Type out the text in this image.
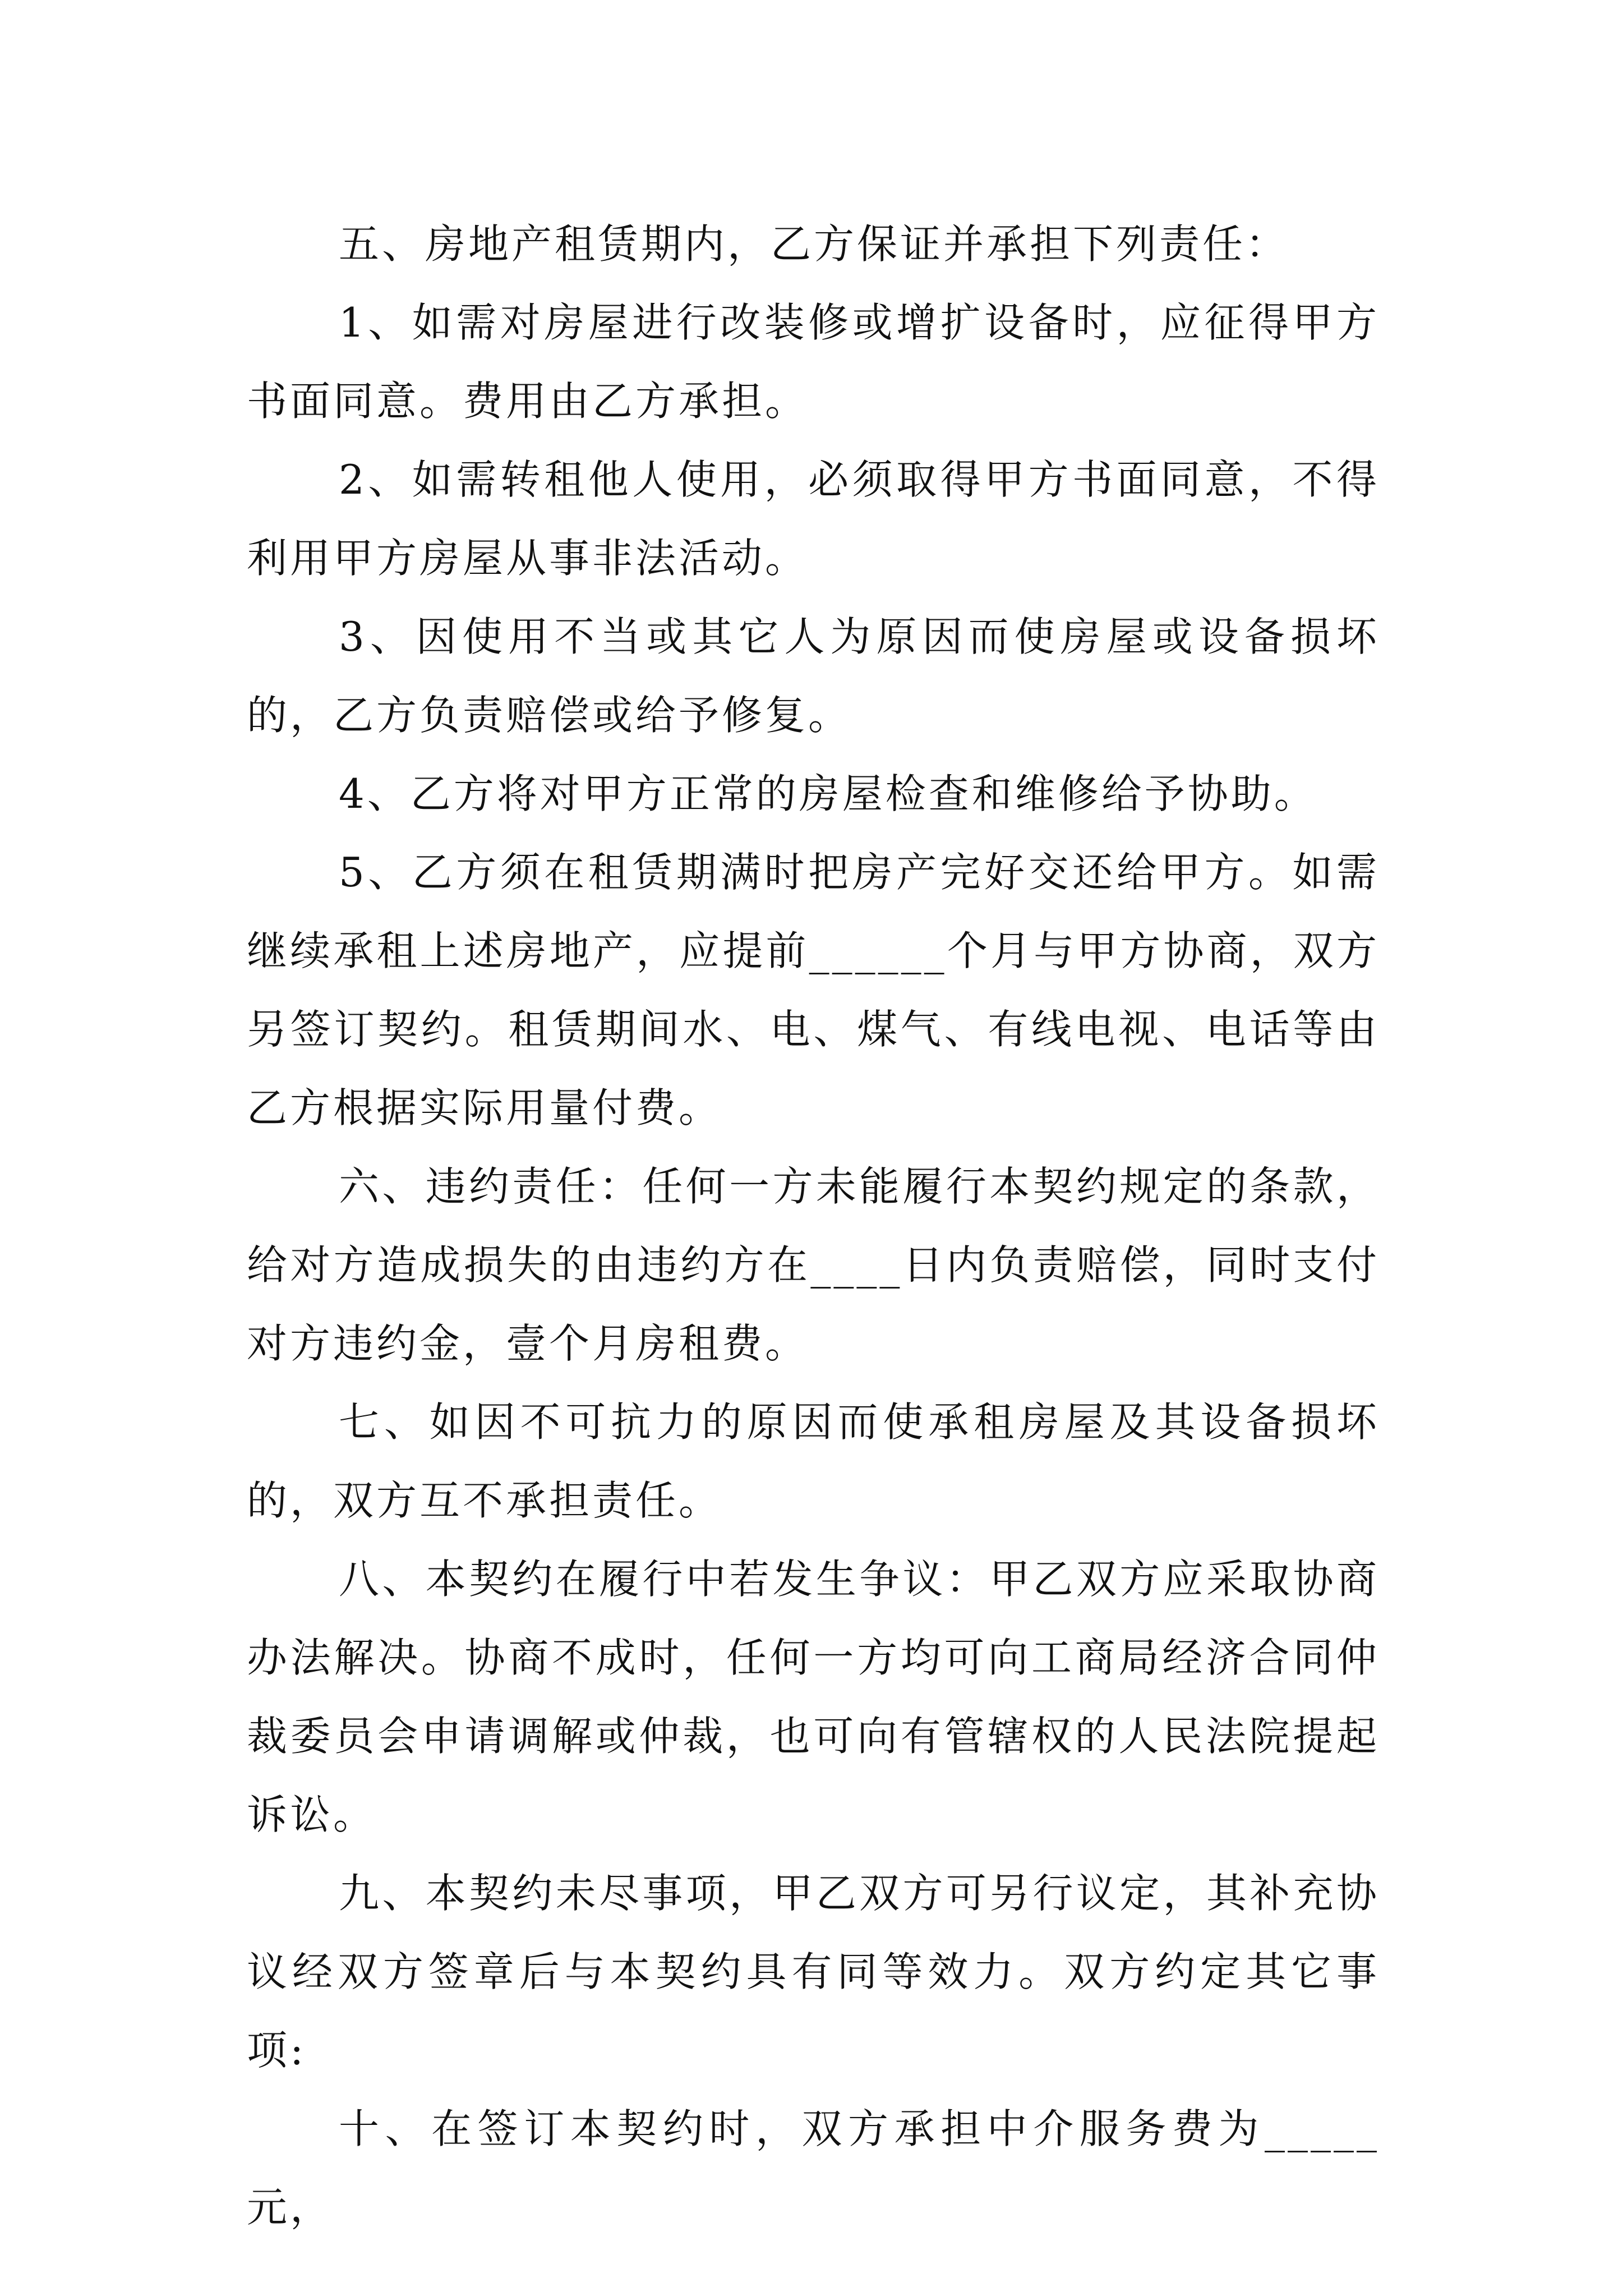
五、房地产租赁期内，乙方保证并承担下列责任：

1、如需对房屋进行改装修或增扩设备时，应征得甲方书面同意。费用由乙方承担。

2、如需转租他人使用，必须取得甲方书面同意，不得利用甲方房屋从事非法活动。

3、因使用不当或其它人为原因而使房屋或设备损坏的，乙方负责赔偿或给予修复。

4、乙方将对甲方正常的房屋检查和维修给予协助。

5、乙方须在租赁期满时把房产完好交还给甲方。如需继续承租上述房地产，应提前______个月与甲方协商，双方另签订契约。租赁期间水、电、煤气、有线电视、电话等由乙方根据实际用量付费。

六、违约责任：任何一方未能履行本契约规定的条款，给对方造成损失的由违约方在____日内负责赔偿，同时支付对方违约金，壹个月房租费。

七、如因不可抗力的原因而使承租房屋及其设备损坏的，双方互不承担责任。

八、本契约在履行中若发生争议：甲乙双方应采取协商办法解决。协商不成时，任何一方均可向工商局经济合同仲裁委员会申请调解或仲裁，也可向有管辖权的人民法院提起诉讼。

九、本契约未尽事项，甲乙双方可另行议定，其补充协议经双方签章后与本契约具有同等效力。双方约定其它事项:

十、在签订本契约时，双方承担中介服务费为_____元，
